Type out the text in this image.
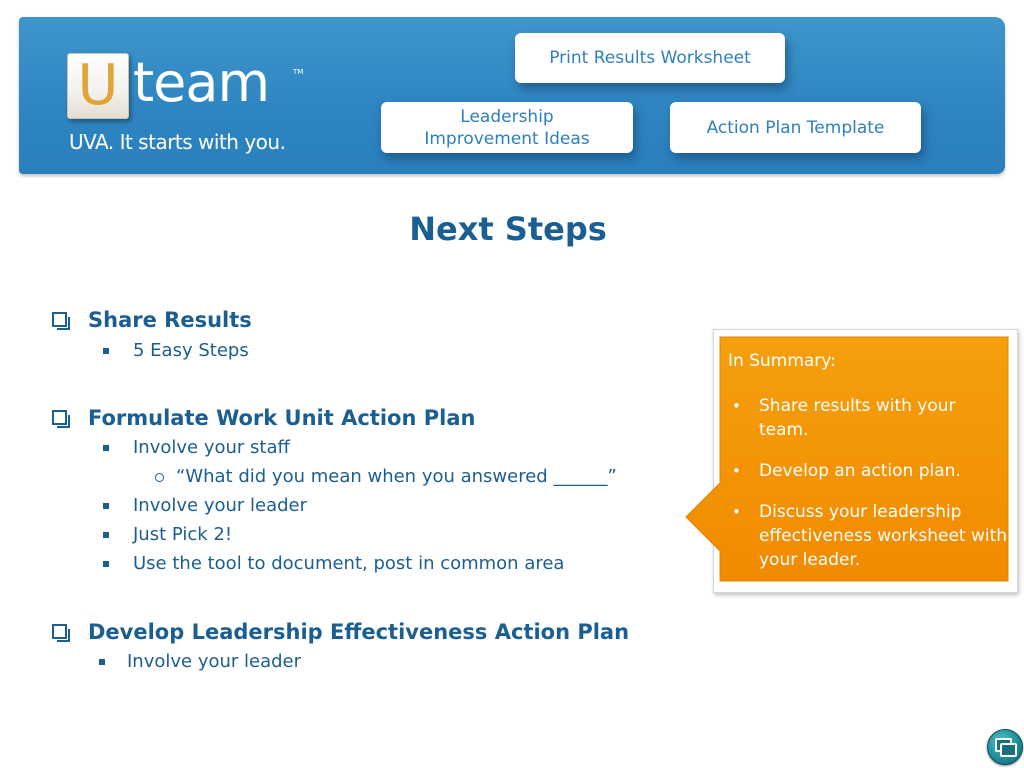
U team	TM
UVA. It starts with you.
Print Results Worksheet
Leadership Improvement Ideas
Action Plan Template
Next Steps
Share Results
5 Easy Steps
Formulate Work Unit Action Plan
Involve your staff
“What did you mean when you answered ______”
Involve your leader
Just Pick 2!
Use the tool to document, post in common area
Develop Leadership Effectiveness Action Plan
Involve your leader
In Summary:
• Share results with your team.
• Develop an action plan.
• Discuss your leadership effectiveness worksheet with your leader.
